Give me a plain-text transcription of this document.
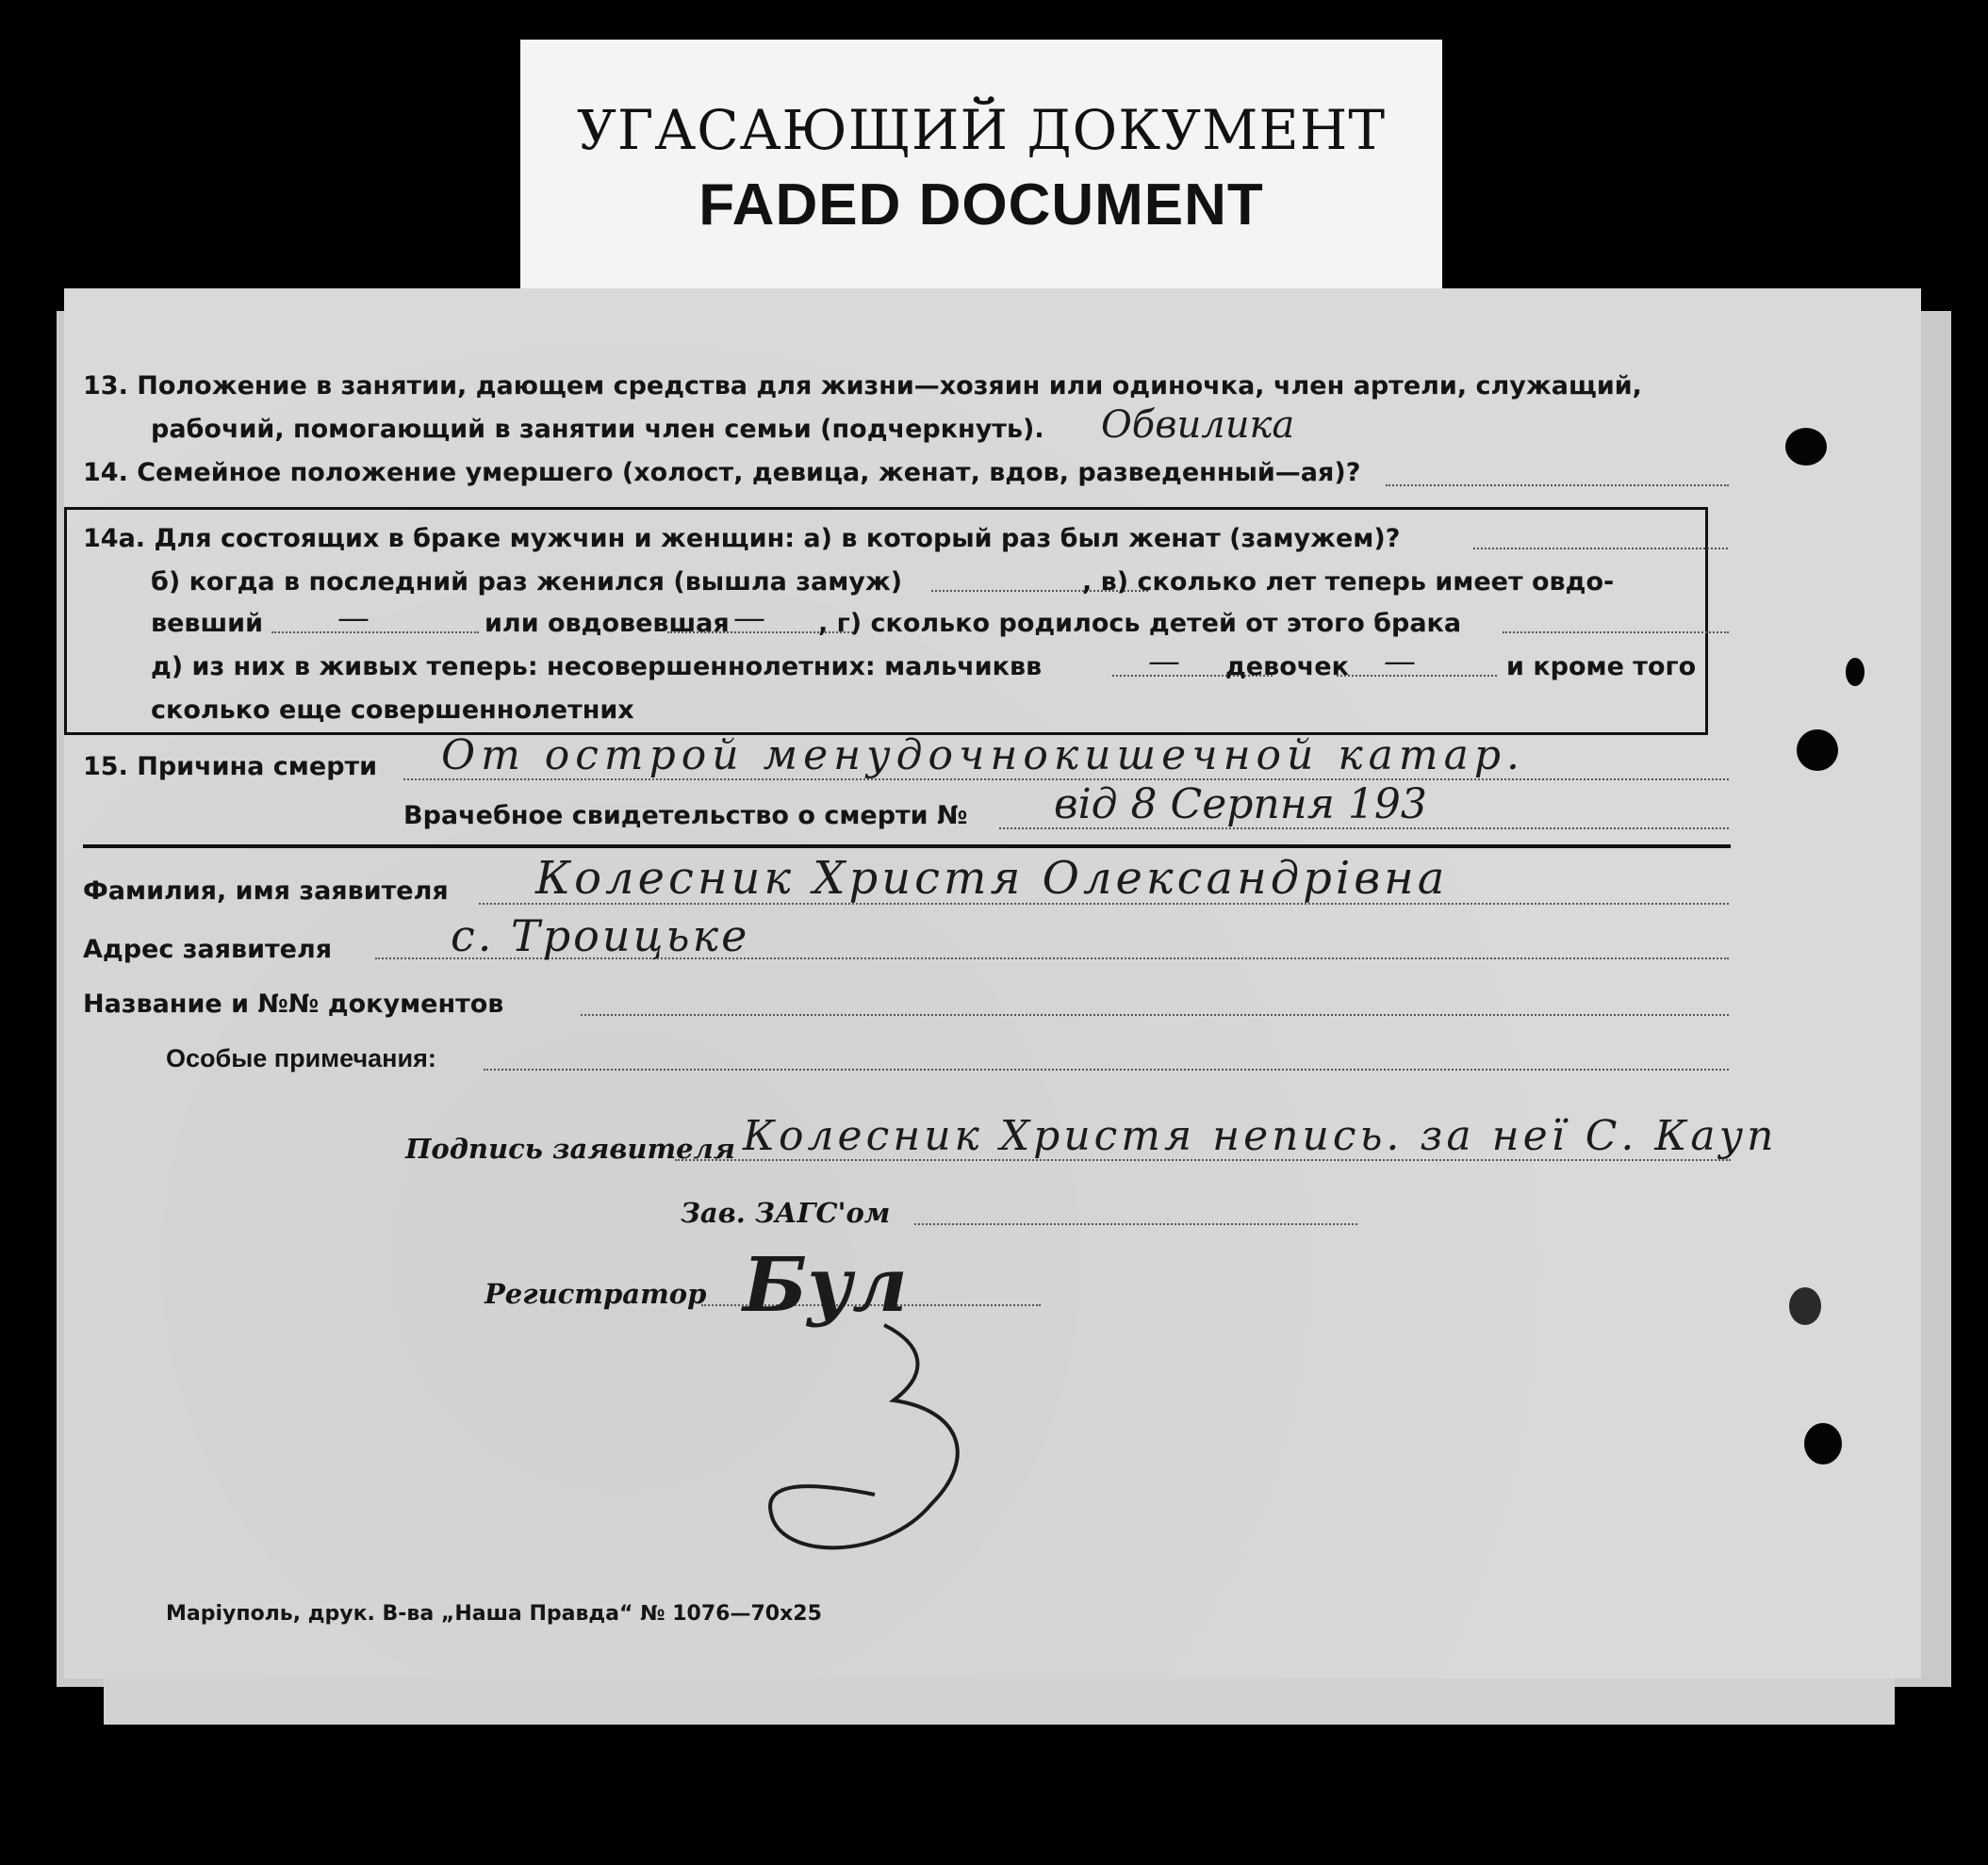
УГАСАЮЩИЙ ДОКУМЕНТ
FADED DOCUMENT
13. Положение в занятии, дающем средства для жизни—хозяин или одиночка, член артели, служащий,
рабочий, помогающий в занятии член семьи (подчеркнуть). Обвилика
14. Семейное положение умершего (холост, девица, женат, вдов, разведенный—ая)?
14а. Для состоящих в браке мужчин и женщин: а) в который раз был женат (замужем)?
б) когда в последний раз женился (вышла замуж)	, в) сколько лет теперь имеет овдо-
вевший —	или овдовевшая — , г) сколько родилось детей от этого брака
д) из них в живых теперь: несовершеннолетних: мальчиквв	— девочек —	и кроме того
сколько еще совершеннолетних
15. Причина смерти От острой менудочнокишечной катар.
Врачебное свидетельство о смерти № від 8 Серпня 193
Фамилия, имя заявителя Колесник Христя Олександрівна
Адрес заявителя	с. Троицьке
Название и №№ документов
Особые примечания:
Подпись заявителя Колесник Христя непись. за неї С. Кауп
Зав. ЗАГС'ом
Регистратор Бул
Маріуполь, друк. В-ва „Наша Правда“ № 1076—70х25
